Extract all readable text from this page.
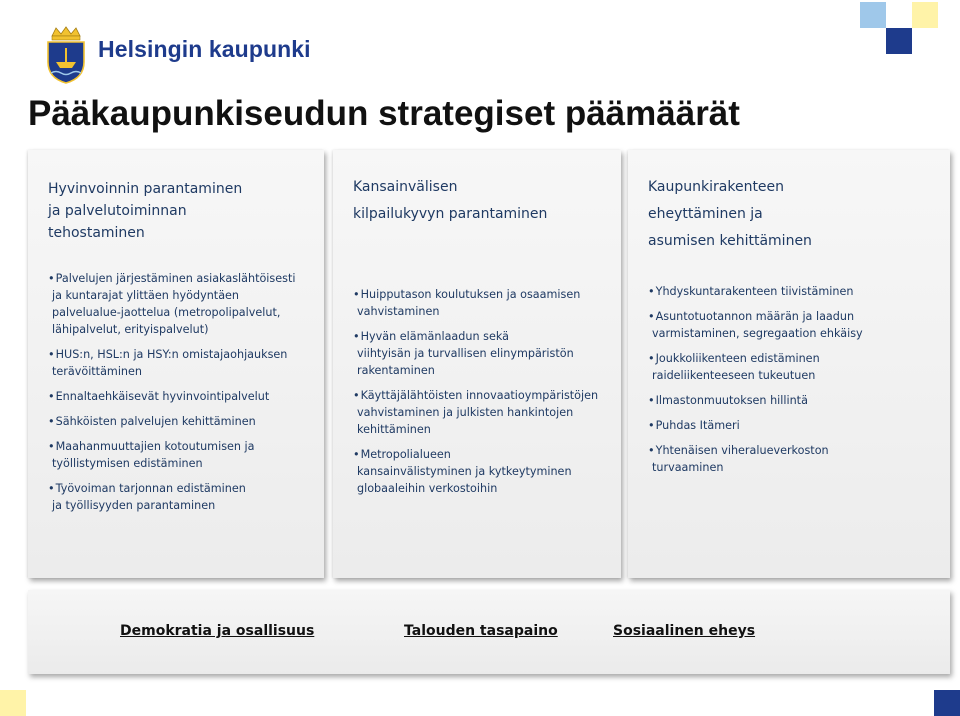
Helsingin kaupunki
Pääkaupunkiseudun strategiset päämäärät
Hyvinvoinnin parantaminen
ja palvelutoiminnan
tehostaminen
• Palvelujen järjestäminen asiakaslähtöisesti
ja kuntarajat ylittäen hyödyntäen
palvelualue-jaottelua (metropolipalvelut,
lähipalvelut, erityispalvelut)
• HUS:n, HSL:n ja HSY:n omistajaohjauksen
terävöittäminen
• Ennaltaehkäisevät hyvinvointipalvelut
• Sähköisten palvelujen kehittäminen
• Maahanmuuttajien kotoutumisen ja
työllistymisen edistäminen
• Työvoiman tarjonnan edistäminen
ja työllisyyden parantaminen
Kansainvälisen
kilpailukyvyn parantaminen
• Huipputason koulutuksen ja osaamisen
vahvistaminen
• Hyvän elämänlaadun sekä
viihtyisän ja turvallisen elinympäristön
rakentaminen
• Käyttäjälähtöisten innovaatioympäristöjen
vahvistaminen ja julkisten hankintojen
kehittäminen
• Metropolialueen
kansainvälistyminen ja kytkeytyminen
globaaleihin verkostoihin
Kaupunkirakenteen
eheyttäminen ja
asumisen kehittäminen
• Yhdyskuntarakenteen tiivistäminen
• Asuntotuotannon määrän ja laadun
varmistaminen, segregaation ehkäisy
• Joukkoliikenteen edistäminen
raideliikenteeseen tukeutuen
• Ilmastonmuutoksen hillintä
• Puhdas Itämeri
• Yhtenäisen viheralueverkoston
turvaaminen
Demokratia ja osallisuus	Talouden tasapaino	Sosiaalinen eheys
